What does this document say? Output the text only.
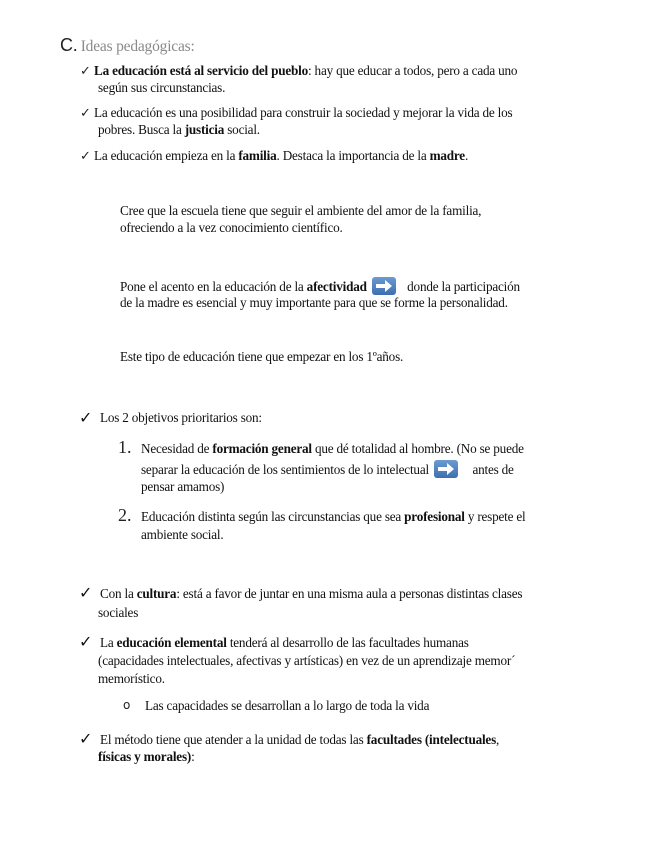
C. Ideas pedagógicas:
✓ La educación está al servicio del pueblo: hay que educar a todos, pero a cada uno
según sus circunstancias.
✓ La educación es una posibilidad para construir la sociedad y mejorar la vida de los
pobres. Busca la justicia social.
✓ La educación empieza en la familia. Destaca la importancia de la madre.
Cree que la escuela tiene que seguir el ambiente del amor de la familia,
ofreciendo a la vez conocimiento científico.
Pone el acento en la educación de la afectividad	donde la participación
de la madre es esencial y muy importante para que se forme la personalidad.
Este tipo de educación tiene que empezar en los 1ºaños.
✓ Los 2 objetivos prioritarios son:
1. Necesidad de formación general que dé totalidad al hombre. (No se puede
separar la educación de los sentimientos de lo intelectual	antes de
pensar amamos)
2. Educación distinta según las circunstancias que sea profesional y respete el
ambiente social.
✓ Con la cultura: está a favor de juntar en una misma aula a personas distintas clases
sociales
✓ La educación elemental tenderá al desarrollo de las facultades humanas
(capacidades intelectuales, afectivas y artísticas) en vez de un aprendizaje memor´
memorístico.
o Las capacidades se desarrollan a lo largo de toda la vida
✓ El método tiene que atender a la unidad de todas las facultades (intelectuales,
físicas y morales):
